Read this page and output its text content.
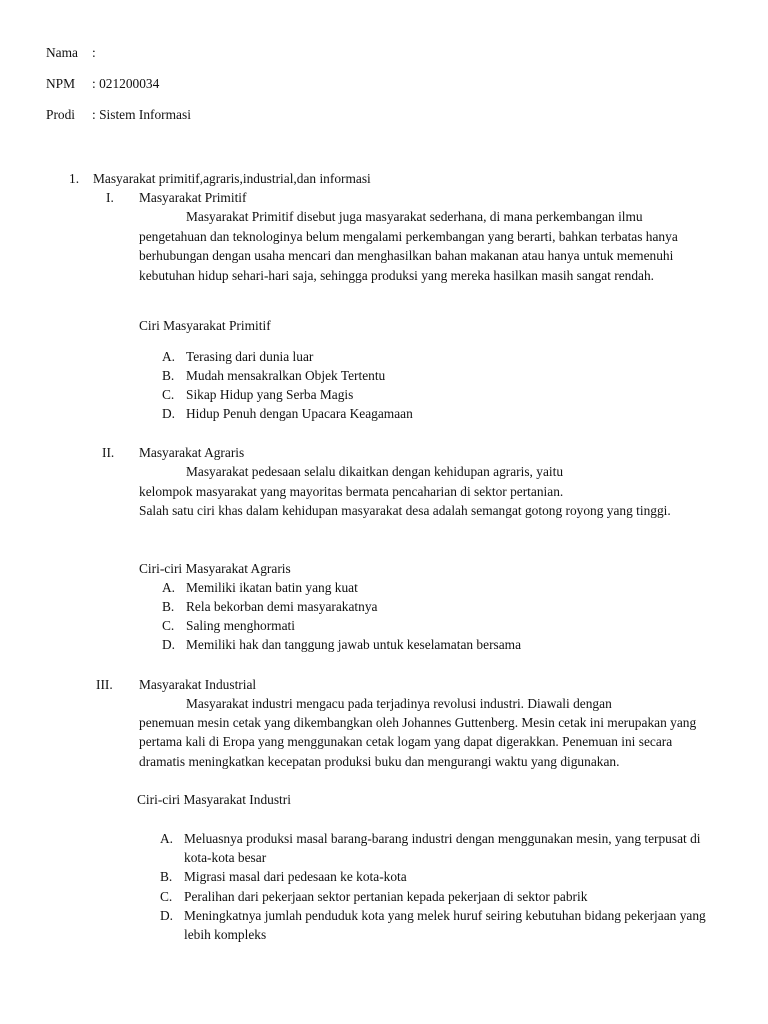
Nama :
NPM : 021200034
Prodi : Sistem Informasi
1. Masyarakat primitif,agraris,industrial,dan informasi
I. Masyarakat Primitif
Masyarakat Primitif disebut juga masyarakat sederhana, di mana perkembangan ilmu
pengetahuan dan teknologinya belum mengalami perkembangan yang berarti, bahkan terbatas hanya berhubungan dengan usaha mencari dan menghasilkan bahan makanan atau hanya untuk memenuhi kebutuhan hidup sehari-hari saja, sehingga produksi yang mereka hasilkan masih sangat rendah.
Ciri Masyarakat Primitif
A. Terasing dari dunia luar
B. Mudah mensakralkan Objek Tertentu
C. Sikap Hidup yang Serba Magis
D. Hidup Penuh dengan Upacara Keagamaan
II. Masyarakat Agraris
Masyarakat pedesaan selalu dikaitkan dengan kehidupan agraris, yaitu
kelompok masyarakat yang mayoritas bermata pencaharian di sektor pertanian.
Salah satu ciri khas dalam kehidupan masyarakat desa adalah semangat gotong royong yang tinggi.
Ciri-ciri Masyarakat Agraris
A. Memiliki ikatan batin yang kuat
B. Rela bekorban demi masyarakatnya
C. Saling menghormati
D. Memiliki hak dan tanggung jawab untuk keselamatan bersama
III. Masyarakat Industrial
Masyarakat industri mengacu pada terjadinya revolusi industri. Diawali dengan
penemuan mesin cetak yang dikembangkan oleh Johannes Guttenberg. Mesin cetak ini merupakan yang pertama kali di Eropa yang menggunakan cetak logam yang dapat digerakkan. Penemuan ini secara dramatis meningkatkan kecepatan produksi buku dan mengurangi waktu yang digunakan.
Ciri-ciri Masyarakat Industri
A. Meluasnya produksi masal barang-barang industri dengan menggunakan mesin, yang terpusat di kota-kota besar
B. Migrasi masal dari pedesaan ke kota-kota
C. Peralihan dari pekerjaan sektor pertanian kepada pekerjaan di sektor pabrik
D. Meningkatnya jumlah penduduk kota yang melek huruf seiring kebutuhan bidang pekerjaan yang lebih kompleks
